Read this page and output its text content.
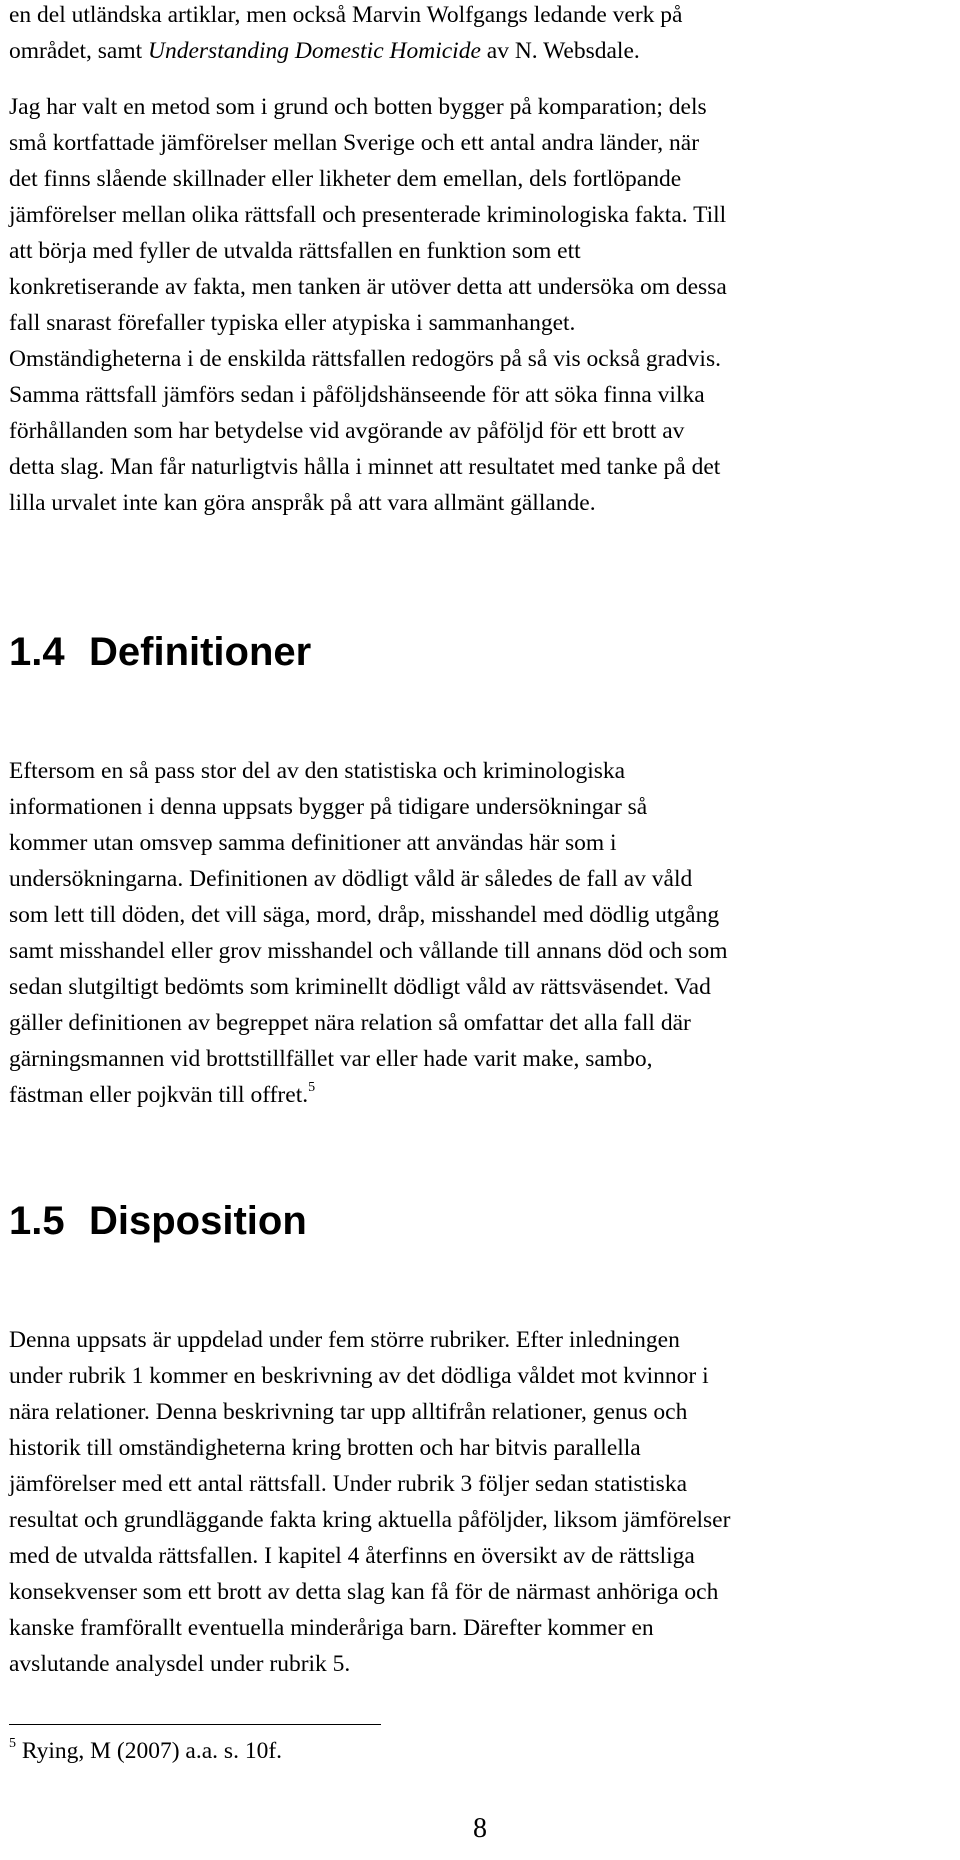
en del utländska artiklar, men också Marvin Wolfgangs ledande verk på
området, samt Understanding Domestic Homicide av N. Websdale.

Jag har valt en metod som i grund och botten bygger på komparation; dels
små kortfattade jämförelser mellan Sverige och ett antal andra länder, när
det finns slående skillnader eller likheter dem emellan, dels fortlöpande
jämförelser mellan olika rättsfall och presenterade kriminologiska fakta. Till
att börja med fyller de utvalda rättsfallen en funktion som ett
konkretiserande av fakta, men tanken är utöver detta att undersöka om dessa
fall snarast förefaller typiska eller atypiska i sammanhanget.
Omständigheterna i de enskilda rättsfallen redogörs på så vis också gradvis.
Samma rättsfall jämförs sedan i påföljdshänseende för att söka finna vilka
förhållanden som har betydelse vid avgörande av påföljd för ett brott av
detta slag. Man får naturligtvis hålla i minnet att resultatet med tanke på det
lilla urvalet inte kan göra anspråk på att vara allmänt gällande.

1.4 Definitioner

Eftersom en så pass stor del av den statistiska och kriminologiska
informationen i denna uppsats bygger på tidigare undersökningar så
kommer utan omsvep samma definitioner att användas här som i
undersökningarna. Definitionen av dödligt våld är således de fall av våld
som lett till döden, det vill säga, mord, dråp, misshandel med dödlig utgång
samt misshandel eller grov misshandel och vållande till annans död och som
sedan slutgiltigt bedömts som kriminellt dödligt våld av rättsväsendet. Vad
gäller definitionen av begreppet nära relation så omfattar det alla fall där
gärningsmannen vid brottstillfället var eller hade varit make, sambo,
fästman eller pojkvän till offret.$^5$

1.5 Disposition

Denna uppsats är uppdelad under fem större rubriker. Efter inledningen
under rubrik 1 kommer en beskrivning av det dödliga våldet mot kvinnor i
nära relationer. Denna beskrivning tar upp alltifrån relationer, genus och
historik till omständigheterna kring brotten och har bitvis parallella
jämförelser med ett antal rättsfall. Under rubrik 3 följer sedan statistiska
resultat och grundläggande fakta kring aktuella påföljder, liksom jämförelser
med de utvalda rättsfallen. I kapitel 4 återfinns en översikt av de rättsliga
konsekvenser som ett brott av detta slag kan få för de närmast anhöriga och
kanske framförallt eventuella minderåriga barn. Därefter kommer en
avslutande analysdel under rubrik 5.

$^5$ Rying, M (2007) a.a. s. 10f.

8
